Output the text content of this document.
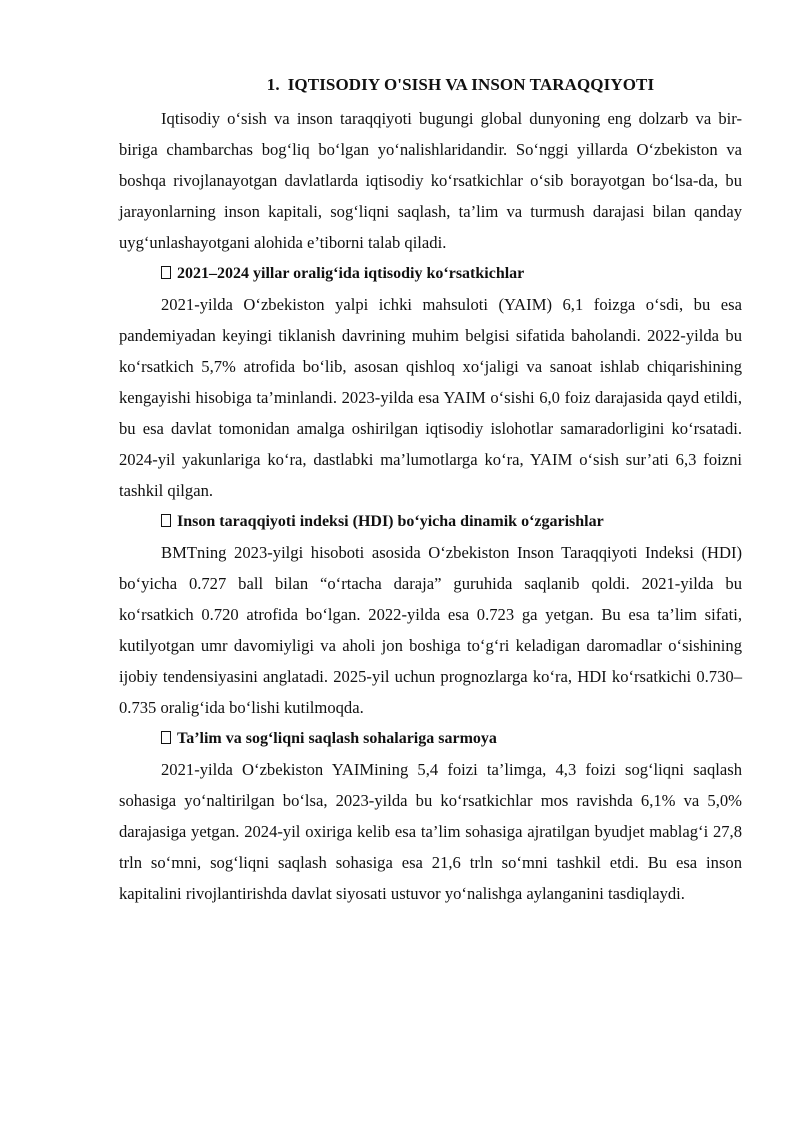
1. IQTISODIY O'SISH VA INSON TARAQQIYOTI

Iqtisodiy o‘sish va inson taraqqiyoti bugungi global dunyoning eng dolzarb va bir-biriga chambarchas bog‘liq bo‘lgan yo‘nalishlaridandir. So‘nggi yillarda O‘zbekiston va boshqa rivojlanayotgan davlatlarda iqtisodiy ko‘rsatkichlar o‘sib borayotgan bo‘lsa-da, bu jarayonlarning inson kapitali, sog‘liqni saqlash, ta’lim va turmush darajasi bilan qanday uyg‘unlashayotgani alohida e’tiborni talab qiladi.

2021–2024 yillar oralig‘ida iqtisodiy ko‘rsatkichlar

2021-yilda O‘zbekiston yalpi ichki mahsuloti (YAIM) 6,1 foizga o‘sdi, bu esa pandemiyadan keyingi tiklanish davrining muhim belgisi sifatida baholandi. 2022-yilda bu ko‘rsatkich 5,7% atrofida bo‘lib, asosan qishloq xo‘jaligi va sanoat ishlab chiqarishining kengayishi hisobiga ta’minlandi. 2023-yilda esa YAIM o‘sishi 6,0 foiz darajasida qayd etildi, bu esa davlat tomonidan amalga oshirilgan iqtisodiy islohotlar samaradorligini ko‘rsatadi. 2024-yil yakunlariga ko‘ra, dastlabki ma’lumotlarga ko‘ra, YAIM o‘sish sur’ati 6,3 foizni tashkil qilgan.

Inson taraqqiyoti indeksi (HDI) bo‘yicha dinamik o‘zgarishlar

BMTning 2023-yilgi hisoboti asosida O‘zbekiston Inson Taraqqiyoti Indeksi (HDI) bo‘yicha 0.727 ball bilan “o‘rtacha daraja” guruhida saqlanib qoldi. 2021-yilda bu ko‘rsatkich 0.720 atrofida bo‘lgan. 2022-yilda esa 0.723 ga yetgan. Bu esa ta’lim sifati, kutilyotgan umr davomiyligi va aholi jon boshiga to‘g‘ri keladigan daromadlar o‘sishining ijobiy tendensiyasini anglatadi. 2025-yil uchun prognozlarga ko‘ra, HDI ko‘rsatkichi 0.730–0.735 oralig‘ida bo‘lishi kutilmoqda.

Ta’lim va sog‘liqni saqlash sohalariga sarmoya

2021-yilda O‘zbekiston YAIMining 5,4 foizi ta’limga, 4,3 foizi sog‘liqni saqlash sohasiga yo‘naltirilgan bo‘lsa, 2023-yilda bu ko‘rsatkichlar mos ravishda 6,1% va 5,0% darajasiga yetgan. 2024-yil oxiriga kelib esa ta’lim sohasiga ajratilgan byudjet mablag‘i 27,8 trln so‘mni, sog‘liqni saqlash sohasiga esa 21,6 trln so‘mni tashkil etdi. Bu esa inson kapitalini rivojlantirishda davlat siyosati ustuvor yo‘nalishga aylanganini tasdiqlaydi.
